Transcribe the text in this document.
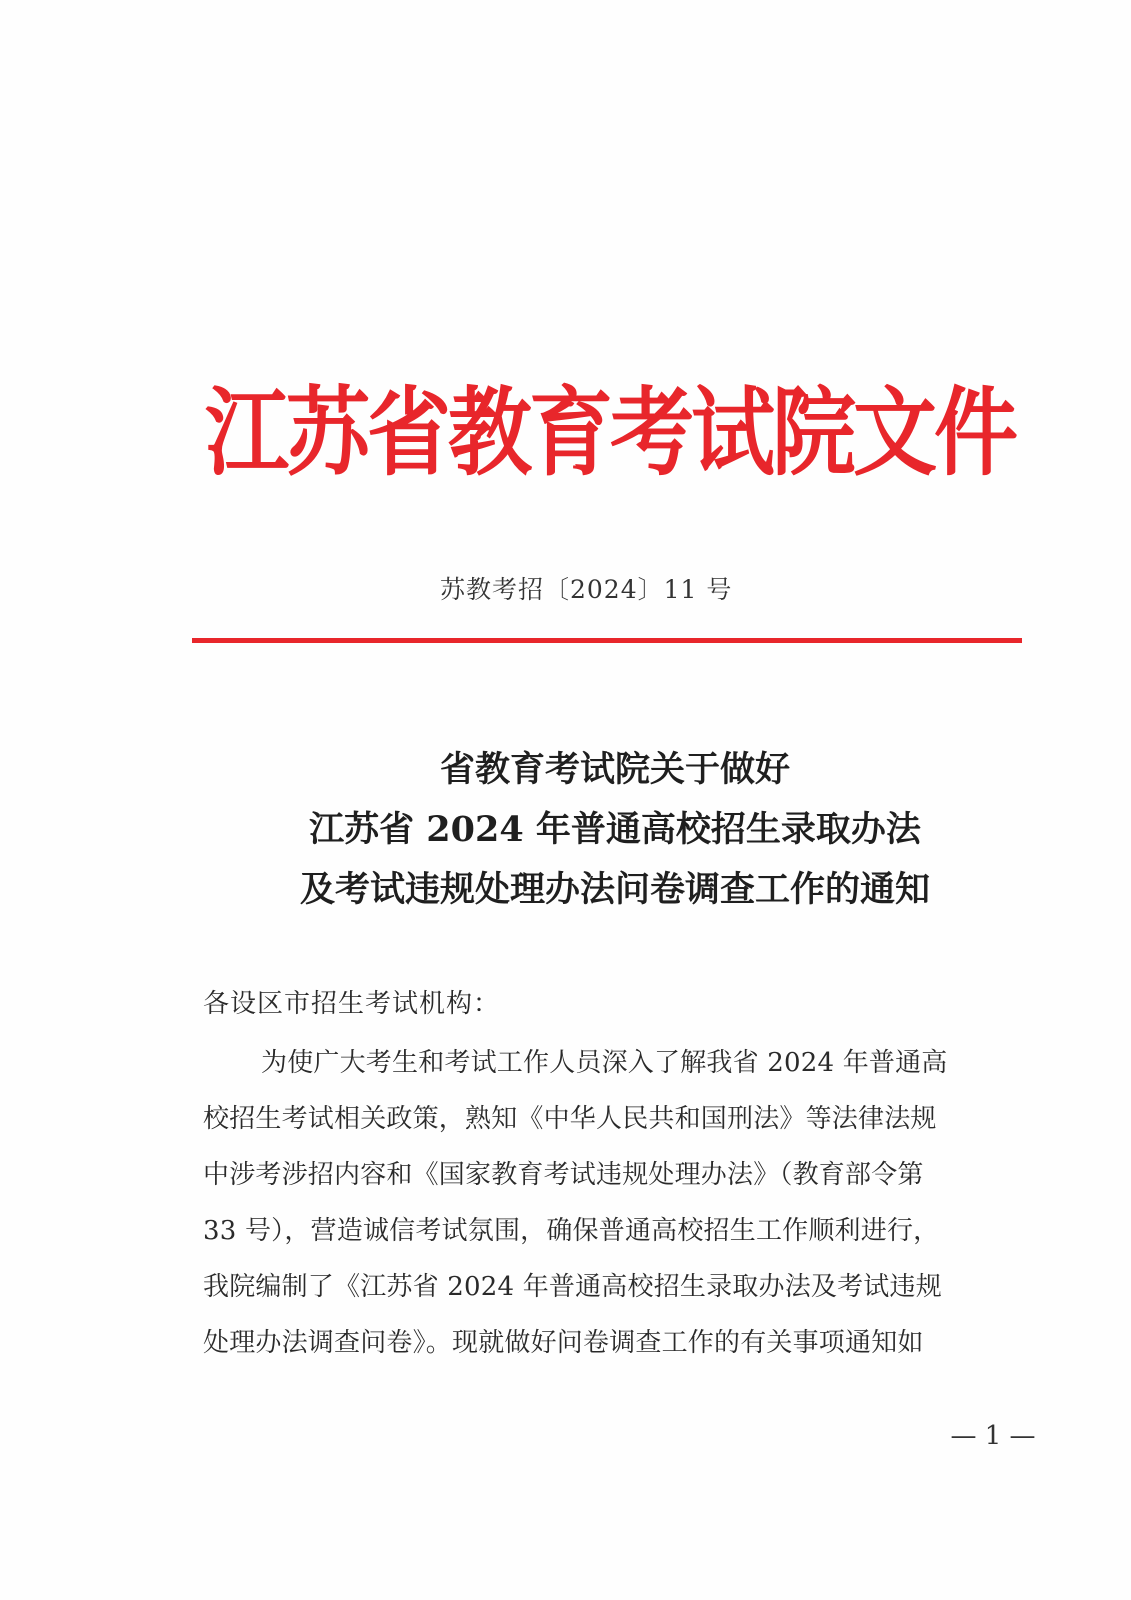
江苏省教育考试院文件
苏教考招〔2024〕11 号
省教育考试院关于做好
江苏省 2024 年普通高校招生录取办法
及考试违规处理办法问卷调查工作的通知
各设区市招生考试机构：
为使广大考生和考试工作人员深入了解我省 2024 年普通高
校招生考试相关政策，熟知《中华人民共和国刑法》等法律法规
中涉考涉招内容和《国家教育考试违规处理办法》（教育部令第
33 号），营造诚信考试氛围，确保普通高校招生工作顺利进行，
我院编制了《江苏省 2024 年普通高校招生录取办法及考试违规
处理办法调查问卷》。现就做好问卷调查工作的有关事项通知如
— 1 —
